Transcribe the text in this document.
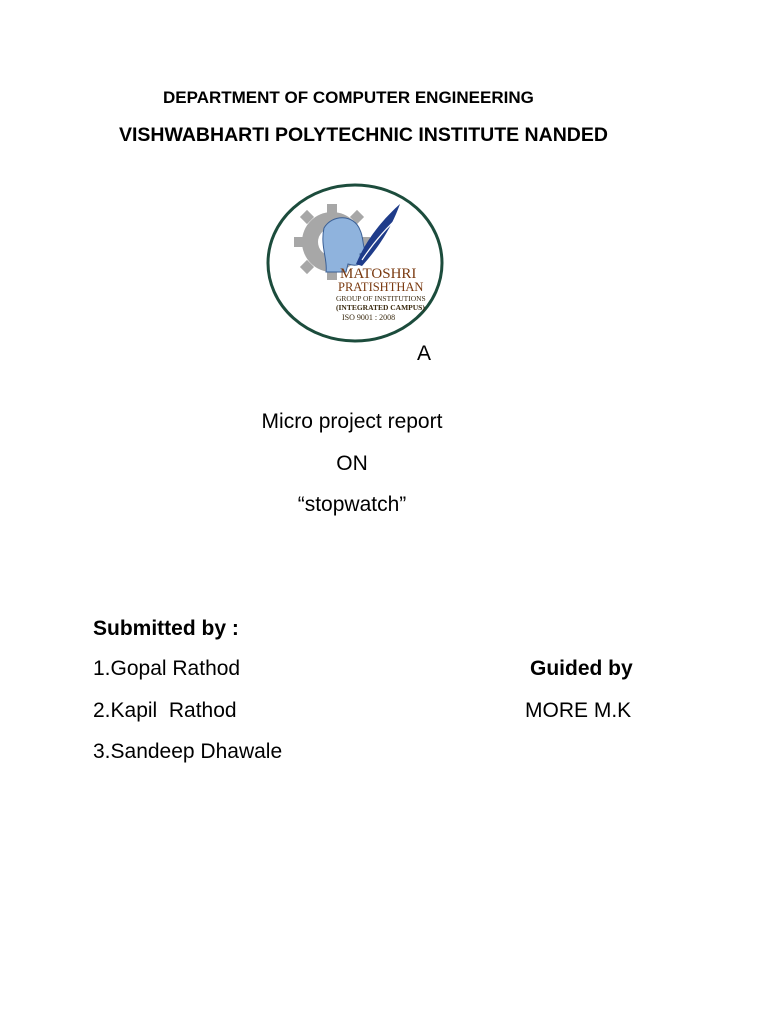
DEPARTMENT OF COMPUTER ENGINEERING
VISHWABHARTI POLYTECHNIC INSTITUTE NANDED
MATOSHRI
PRATISHTHAN
GROUP OF INSTITUTIONS
(INTEGRATED CAMPUS)
ISO 9001 : 2008
A
Micro project report
ON
“stopwatch”
Submitted by :
1.Gopal Rathod
2.Kapil  Rathod
3.Sandeep Dhawale
Guided by
MORE M.K
